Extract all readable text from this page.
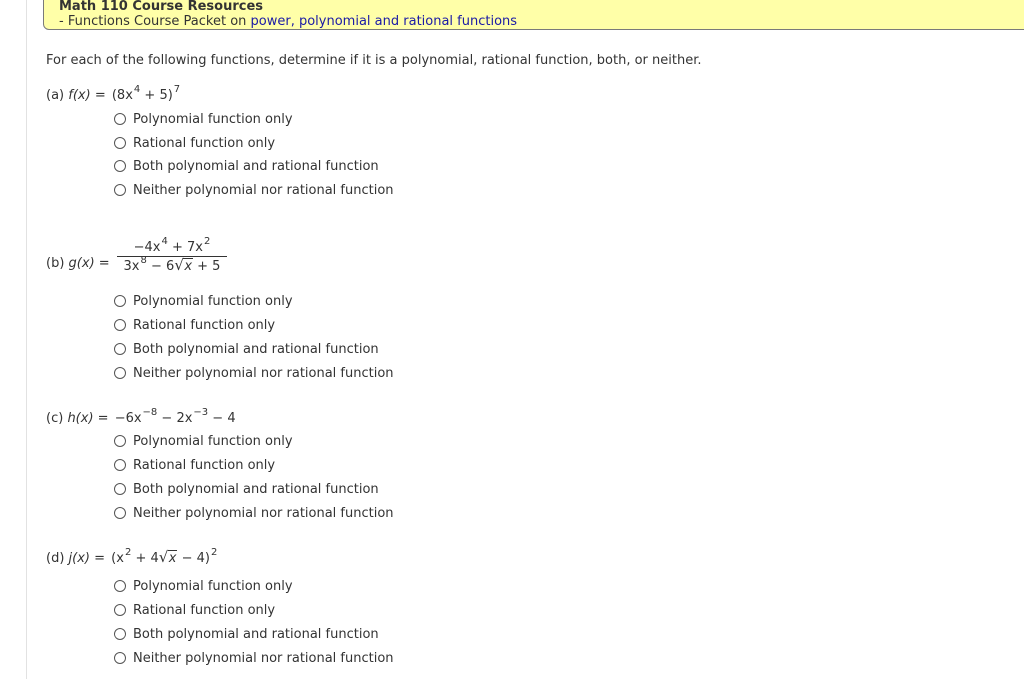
Math 110 Course Resources
- Functions Course Packet on power, polynomial and rational functions
For each of the following functions, determine if it is a polynomial, rational function, both, or neither.
(a) $f(x) = (8x^4 + 5)^7$
Polynomial function only
Rational function only
Both polynomial and rational function
Neither polynomial nor rational function
(b) g(x) =
$-4x^4 + 7x^2$
$3x^8 - 6$ √ x + 5
Polynomial function only
Rational function only
Both polynomial and rational function
Neither polynomial nor rational function
(c) $h(x) = -6x^{-8} - 2x^{-3} - 4$
Polynomial function only
Rational function only
Both polynomial and rational function
Neither polynomial nor rational function
(d) $j(x) = (x^2 + 4$ √ x − 4)$^2$
Polynomial function only
Rational function only
Both polynomial and rational function
Neither polynomial nor rational function
